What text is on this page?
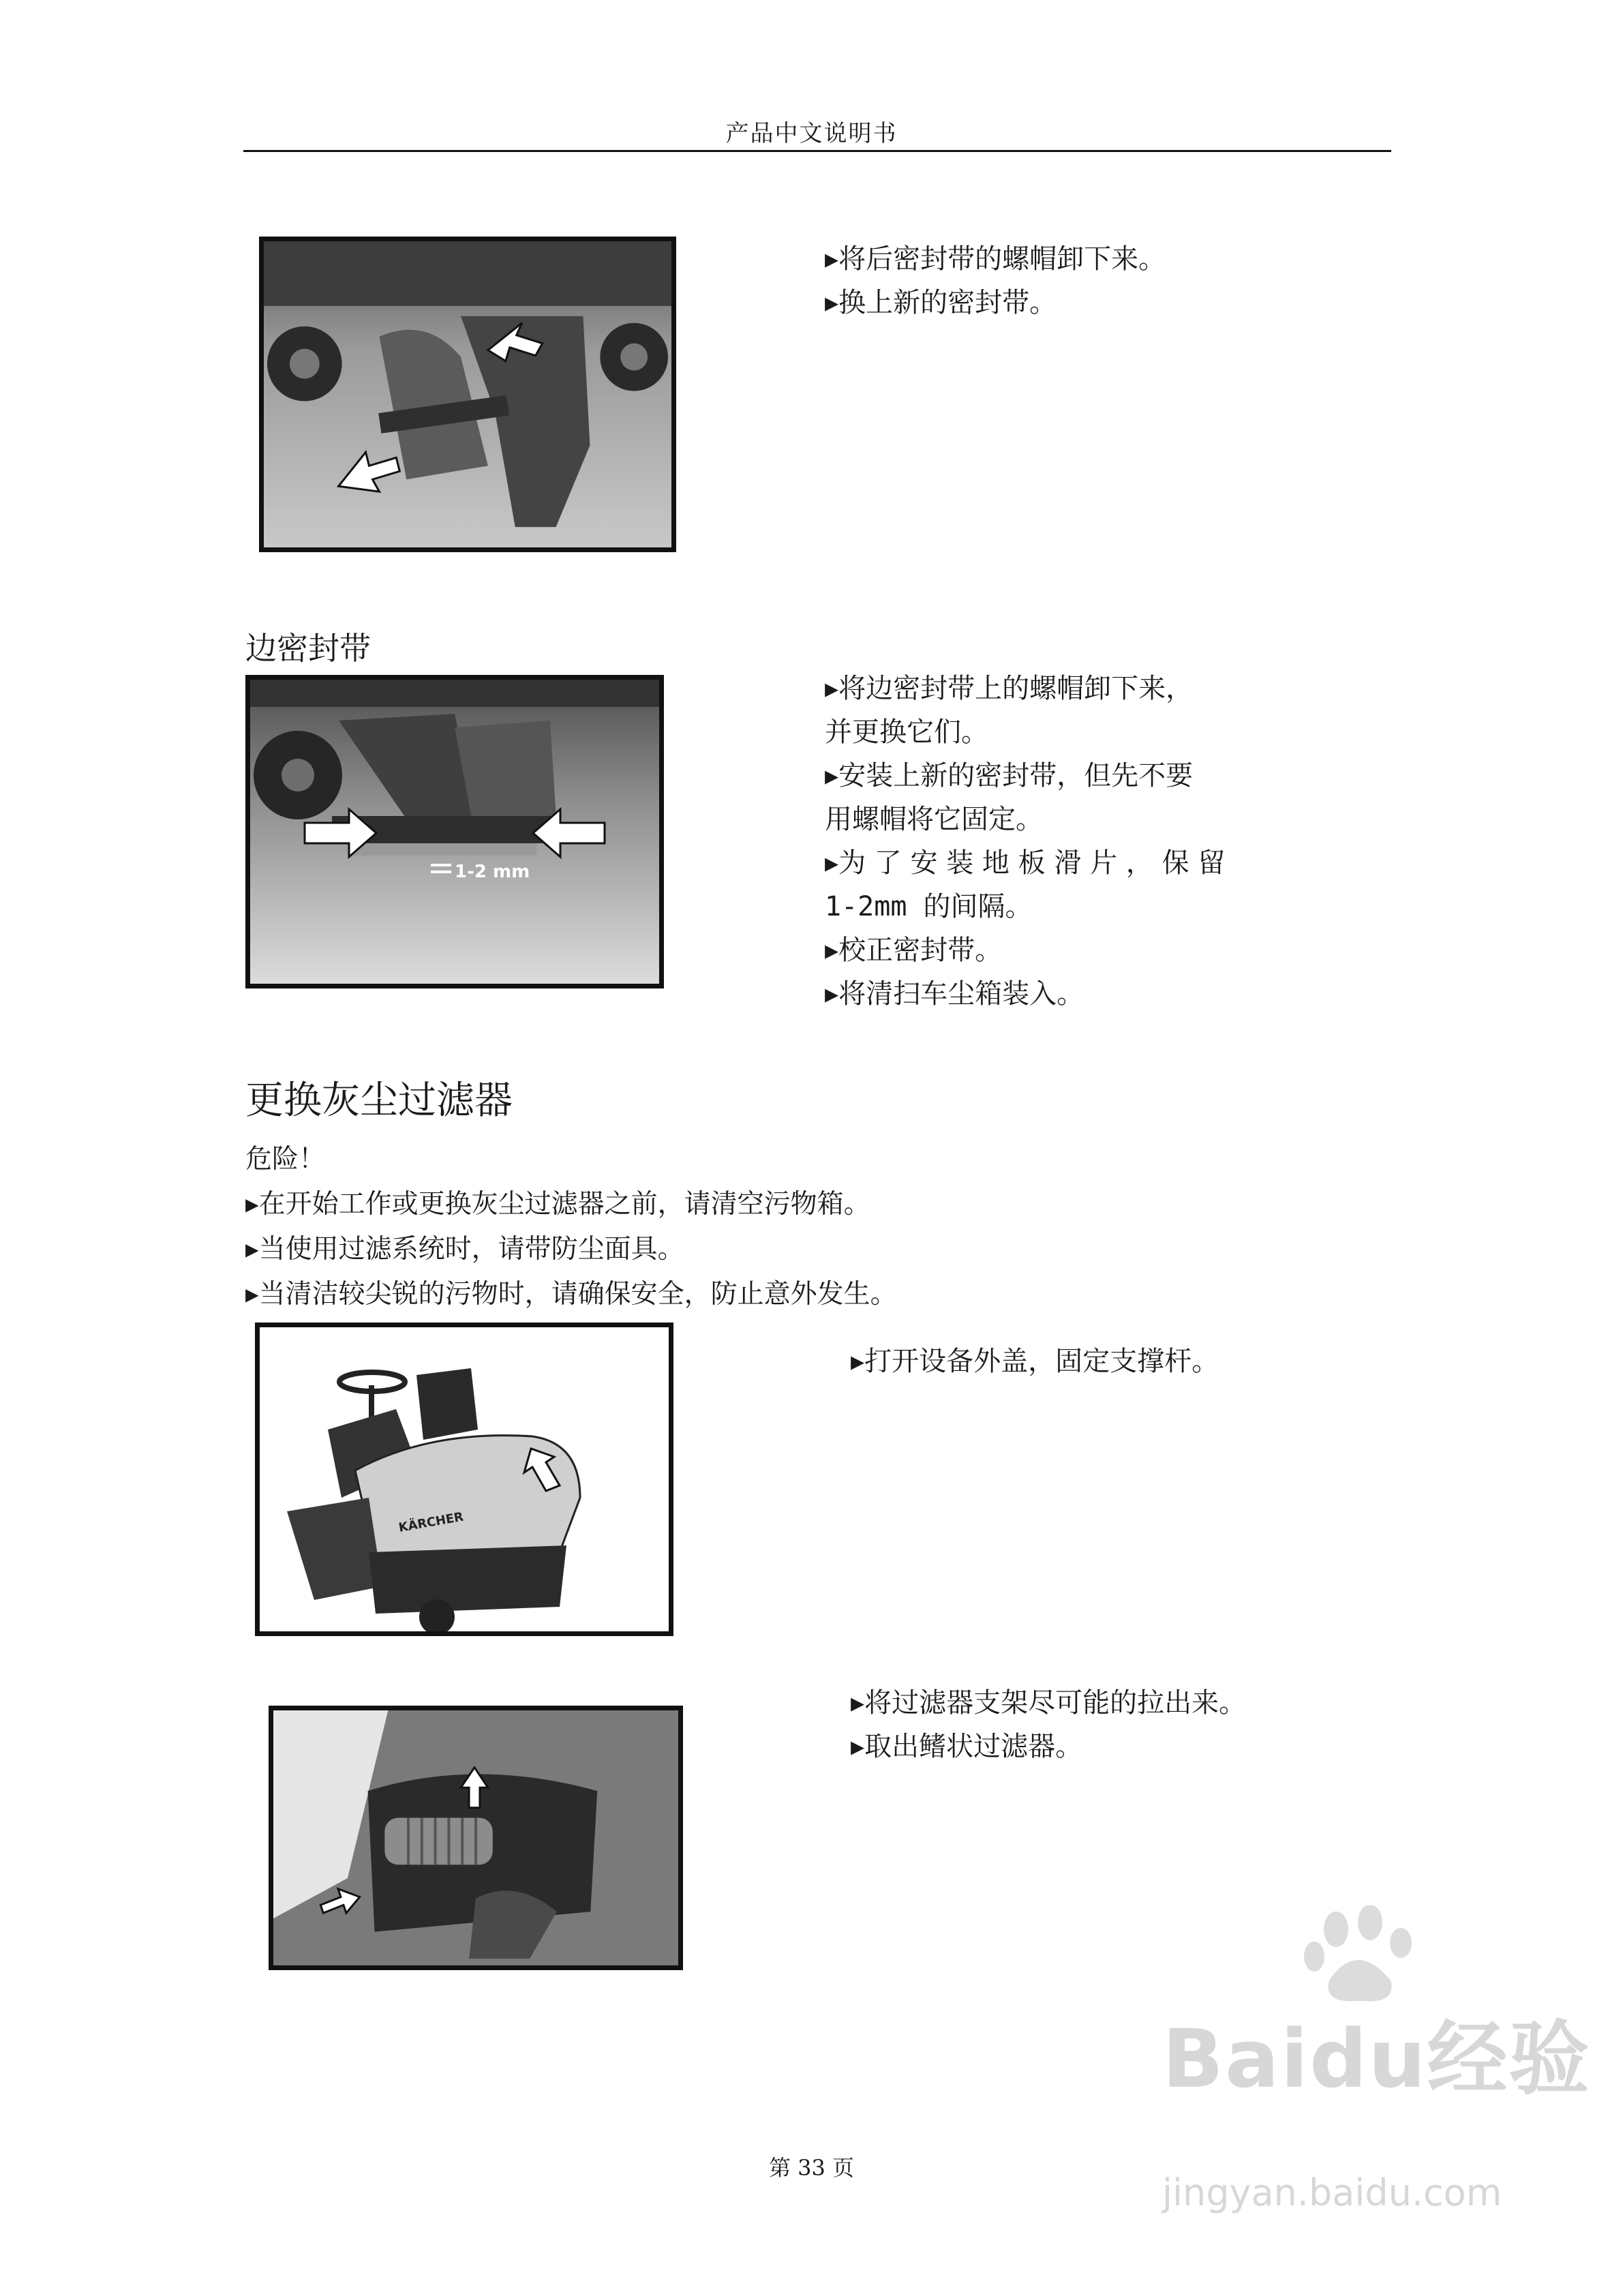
产品中文说明书
▸将后密封带的螺帽卸下来。
▸换上新的密封带。
边密封带
1-2 mm
▸将边密封带上的螺帽卸下来，
并更换它们。
▸安装上新的密封带，但先不要
用螺帽将它固定。
▸为 了 安 装 地 板 滑 片 ， 保 留
1-2mm 的间隔。
▸校正密封带。
▸将清扫车尘箱装入。
更换灰尘过滤器
危险！
▸在开始工作或更换灰尘过滤器之前，请清空污物箱。
▸当使用过滤系统时，请带防尘面具。
▸当清洁较尖锐的污物时，请确保安全，防止意外发生。
KÄRCHER
▸打开设备外盖，固定支撑杆。
▸将过滤器支架尽可能的拉出来。
▸取出鳍状过滤器。
Baidu经验
jingyan.baidu.com
第 33 页
